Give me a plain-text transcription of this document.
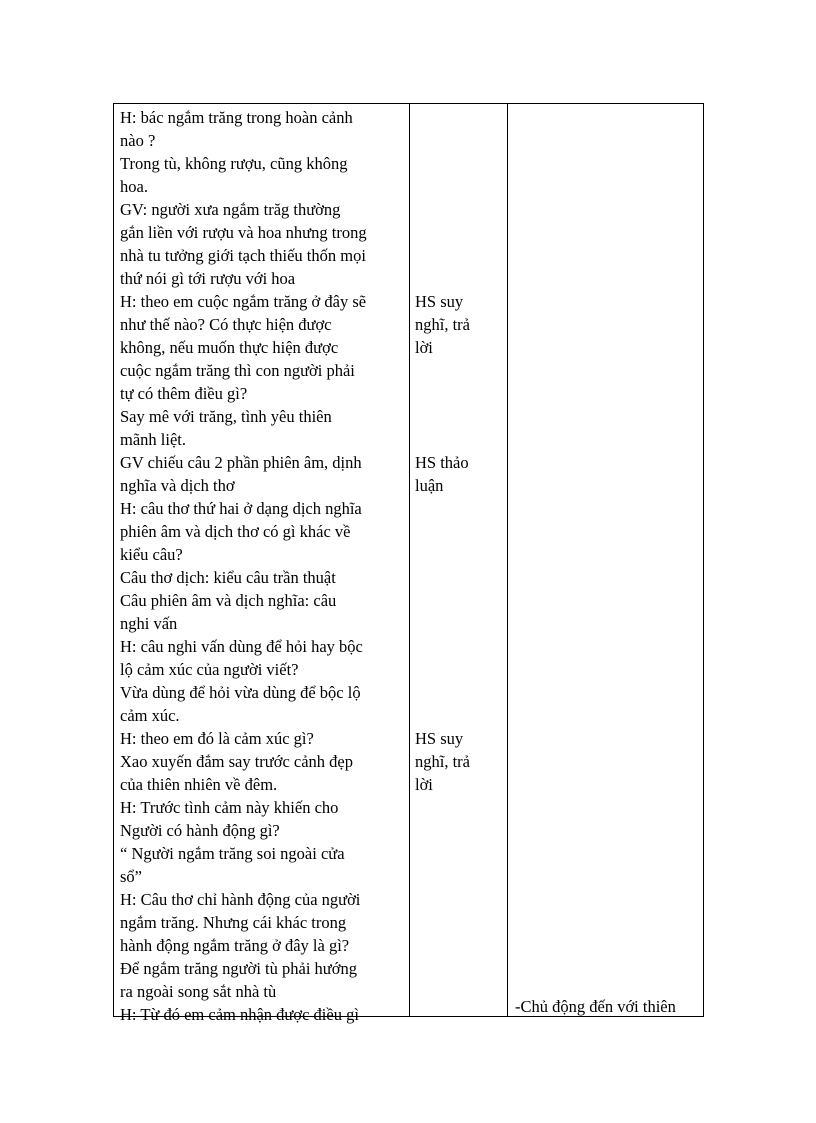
H: bác ngắm trăng trong hoàn cảnh
nào ?
Trong tù, không rượu, cũng không
hoa.
GV: người xưa ngắm trăg thường
gắn liền với rượu và hoa nhưng trong
nhà tu tưởng giới tạch thiếu thốn mọi
thứ nói gì tới rượu với hoa
H: theo em cuộc ngắm trăng ở đây sẽ
như thế nào? Có thực hiện được
không, nếu muốn thực hiện được
cuộc ngắm trăng thì con người phải
tự có thêm điều gì?
Say mê với trăng, tình yêu thiên
mãnh liệt.
GV chiếu câu 2 phần phiên âm, dịnh
nghĩa và dịch thơ
H: câu thơ thứ hai ở dạng dịch nghĩa
phiên âm và dịch thơ có gì khác về
kiểu câu?
Câu thơ dịch: kiểu câu trần thuật
Câu phiên âm và dịch nghĩa: câu
nghi vấn
H: câu nghi vấn dùng để hỏi hay bộc
lộ cảm xúc của người viết?
Vừa dùng để hỏi vừa dùng để bộc lộ
cảm xúc.
H: theo em đó là cảm xúc gì?
Xao xuyến đắm say trước cảnh đẹp
của thiên nhiên về đêm.
H: Trước tình cảm này khiến cho
Người có hành động gì?
“ Người ngắm trăng soi ngoài cửa
sổ”
H: Câu thơ chỉ hành động của người
ngắm trăng. Nhưng cái khác trong
hành động ngắm trăng ở đây là gì?
Để ngắm trăng người tù phải hướng
ra ngoài song sắt nhà tù
H: Từ đó em cảm nhận được điều gì
HS suy
nghĩ, trả
lời
HS thảo
luận
HS suy
nghĩ, trả
lời
-Chủ động đến với thiên
